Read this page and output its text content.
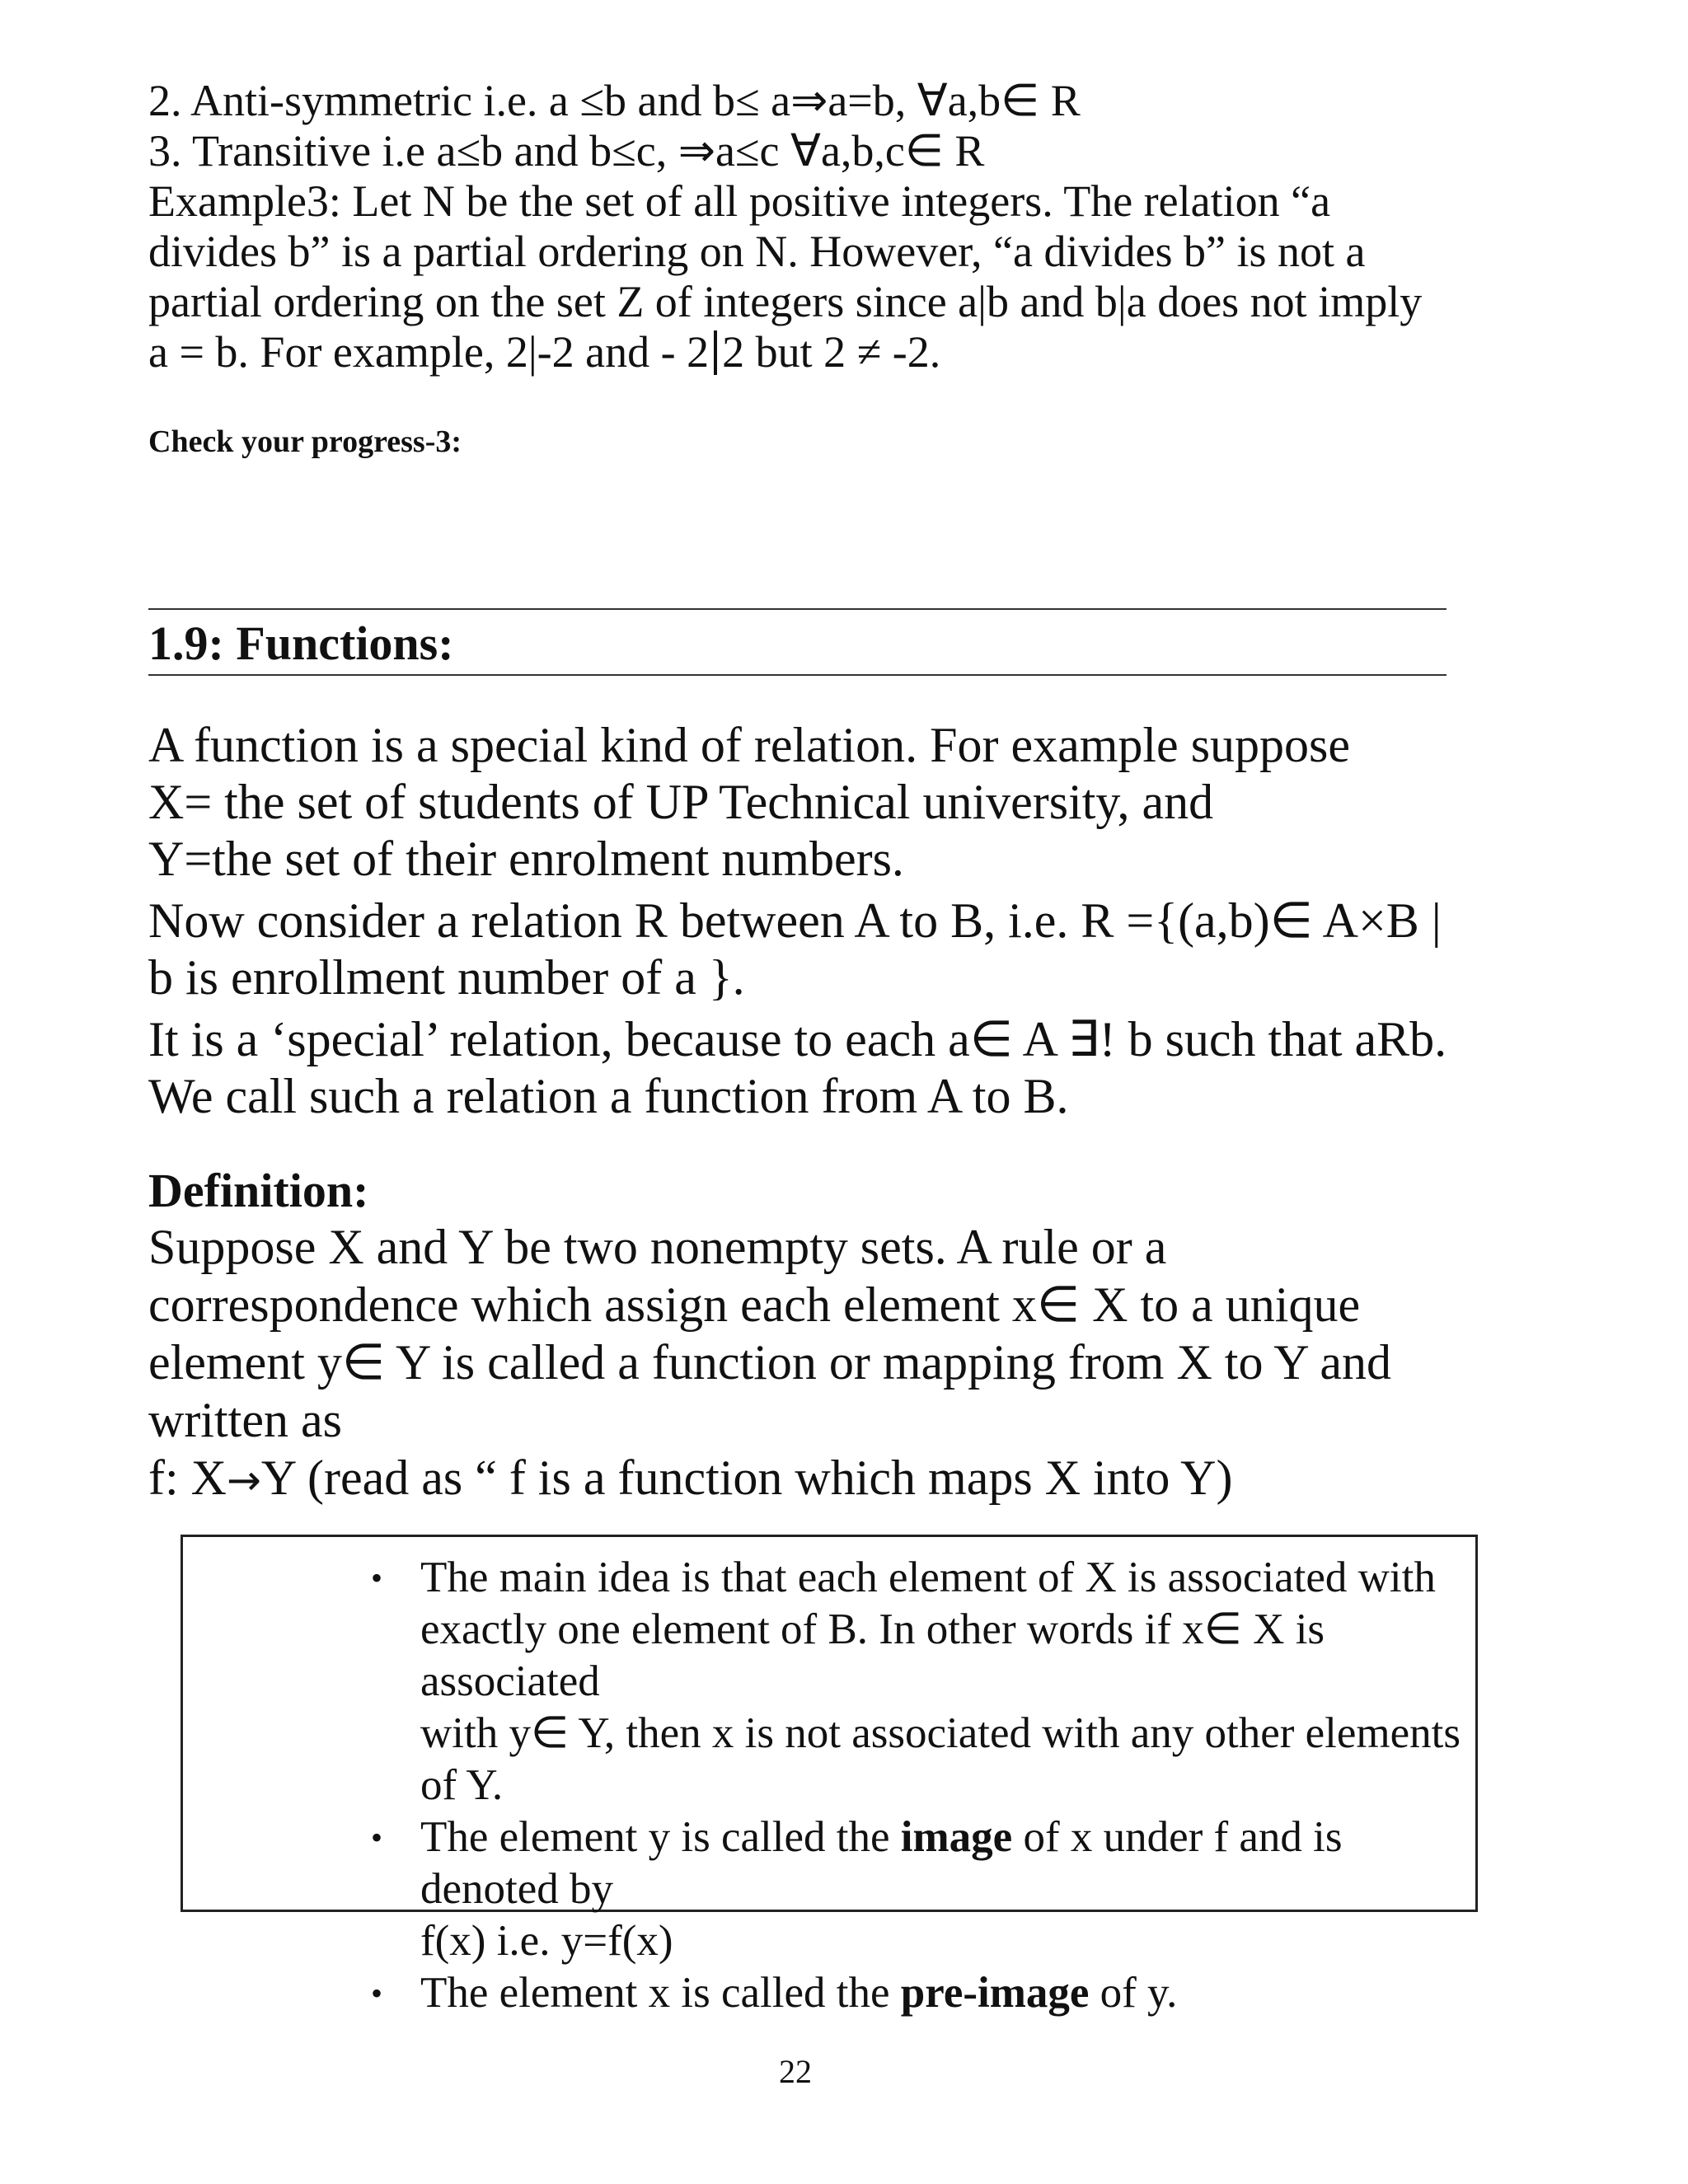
2. Anti-symmetric i.e. a ≤b and b≤ a⇒a=b, ∀a,b∈ R
3. Transitive i.e a≤b and b≤c, ⇒a≤c ∀a,b,c∈ R
Example3: Let N be the set of all positive integers. The relation “a
divides b” is a partial ordering on N. However, “a divides b” is not a
partial ordering on the set Z of integers since a|b and b|a does not imply
a = b. For example, 2|-2 and - 2 2 but 2 ≠ -2.
Check your progress-3:
1.9: Functions:
A function is a special kind of relation. For example suppose
X= the set of students of UP Technical university, and
Y=the set of their enrolment numbers.
Now consider a relation R between A to B, i.e. R ={(a,b)∈ A×B |
b is enrollment number of a }.
It is a ‘special’ relation, because to each a∈ A ∃! b such that aRb.
We call such a relation a function from A to B.
Definition:
Suppose X and Y be two nonempty sets. A rule or a
correspondence which assign each element x∈ X to a unique
element y∈ Y is called a function or mapping from X to Y and
written as
f: X→Y (read as “ f is a function which maps X into Y)
• The main idea is that each element of X is associated with
exactly one element of B. In other words if x∈ X is associated
with y∈ Y, then x is not associated with any other elements of Y.
• The element y is called the image of x under f and is denoted by
f(x) i.e. y=f(x)
• The element x is called the pre-image of y.
22
